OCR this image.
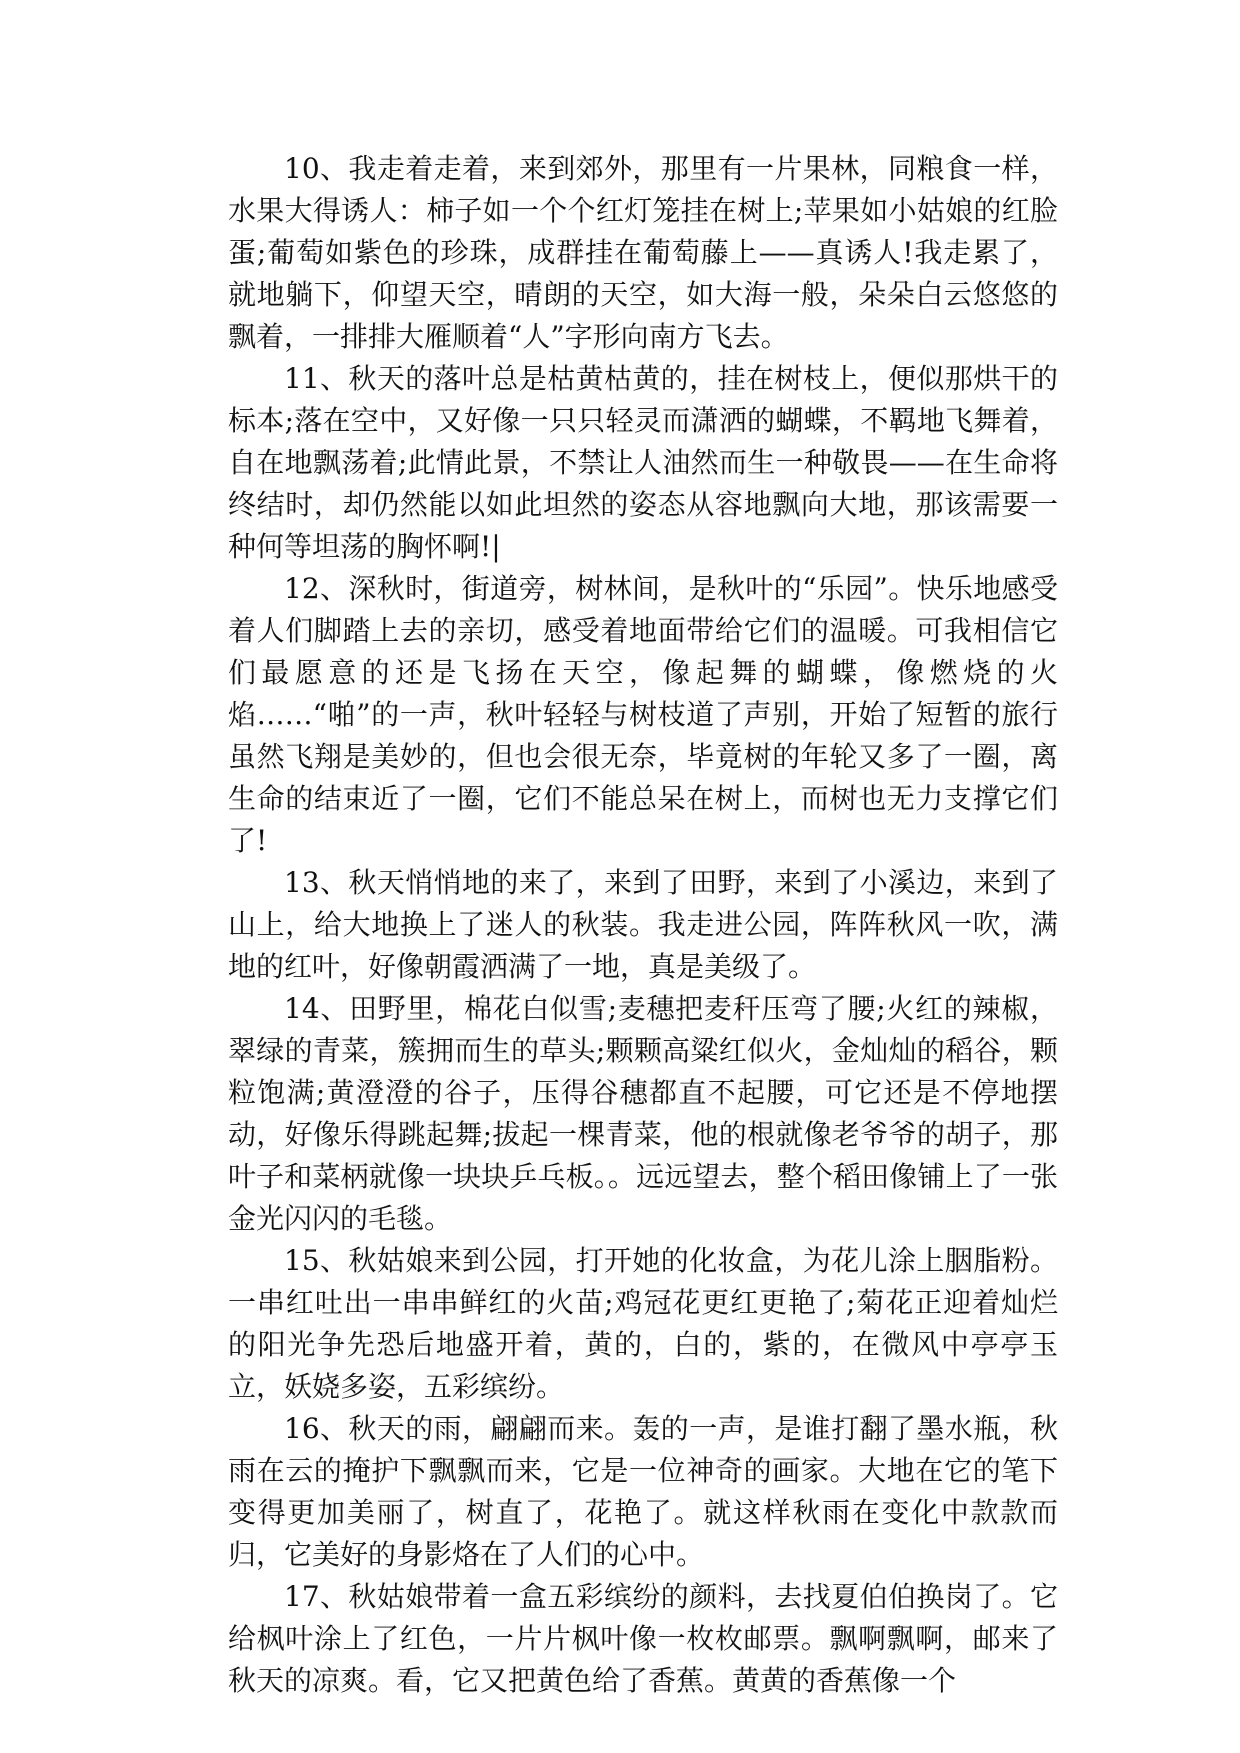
10、我走着走着，来到郊外，那里有一片果林，同粮食一样，水果大得诱人：柿子如一个个红灯笼挂在树上;苹果如小姑娘的红脸蛋;葡萄如紫色的珍珠，成群挂在葡萄藤上——真诱人!我走累了，就地躺下，仰望天空，晴朗的天空，如大海一般，朵朵白云悠悠的飘着，一排排大雁顺着“人”字形向南方飞去。

11、秋天的落叶总是枯黄枯黄的，挂在树枝上，便似那烘干的标本;落在空中，又好像一只只轻灵而潇洒的蝴蝶，不羁地飞舞着，自在地飘荡着;此情此景，不禁让人油然而生一种敬畏——在生命将终结时，却仍然能以如此坦然的姿态从容地飘向大地，那该需要一种何等坦荡的胸怀啊!|

12、深秋时，街道旁，树林间，是秋叶的“乐园”。快乐地感受着人们脚踏上去的亲切，感受着地面带给它们的温暖。可我相信它们最愿意的还是飞扬在天空，像起舞的蝴蝶，像燃烧的火焰……“啪”的一声，秋叶轻轻与树枝道了声别，开始了短暂的旅行虽然飞翔是美妙的，但也会很无奈，毕竟树的年轮又多了一圈，离生命的结束近了一圈，它们不能总呆在树上，而树也无力支撑它们了!

13、秋天悄悄地的来了，来到了田野，来到了小溪边，来到了山上，给大地换上了迷人的秋装。我走进公园，阵阵秋风一吹，满地的红叶，好像朝霞洒满了一地，真是美级了。

14、田野里，棉花白似雪;麦穗把麦秆压弯了腰;火红的辣椒，翠绿的青菜，簇拥而生的草头;颗颗高粱红似火，金灿灿的稻谷，颗粒饱满;黄澄澄的谷子，压得谷穗都直不起腰，可它还是不停地摆动，好像乐得跳起舞;拔起一棵青菜，他的根就像老爷爷的胡子，那叶子和菜柄就像一块块乒乓板。。远远望去，整个稻田像铺上了一张金光闪闪的毛毯。

15、秋姑娘来到公园，打开她的化妆盒，为花儿涂上胭脂粉。一串红吐出一串串鲜红的火苗;鸡冠花更红更艳了;菊花正迎着灿烂的阳光争先恐后地盛开着，黄的，白的，紫的，在微风中亭亭玉立，妖娆多姿，五彩缤纷。

16、秋天的雨，翩翩而来。轰的一声，是谁打翻了墨水瓶，秋雨在云的掩护下飘飘而来，它是一位神奇的画家。大地在它的笔下变得更加美丽了，树直了，花艳了。就这样秋雨在变化中款款而归，它美好的身影烙在了人们的心中。

17、秋姑娘带着一盒五彩缤纷的颜料，去找夏伯伯换岗了。它给枫叶涂上了红色，一片片枫叶像一枚枚邮票。飘啊飘啊，邮来了秋天的凉爽。看，它又把黄色给了香蕉。黄黄的香蕉像一个
